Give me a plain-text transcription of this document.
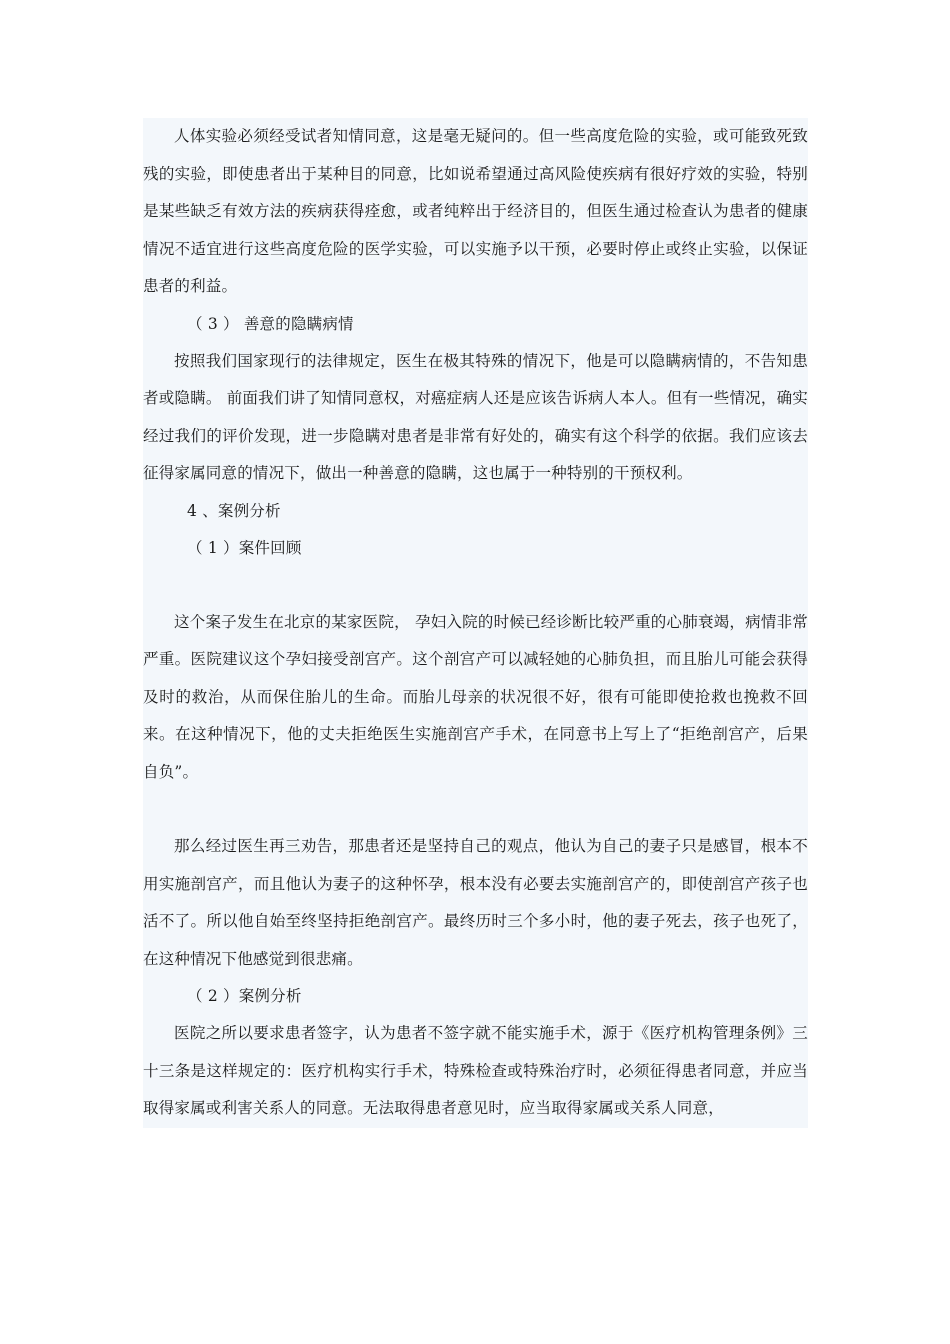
人体实验必须经受试者知情同意，这是毫无疑问的。但一些高度危险的实验，或可能致死致残的实验，即使患者出于某种目的同意，比如说希望通过高风险使疾病有很好疗效的实验，特别是某些缺乏有效方法的疾病获得痊愈，或者纯粹出于经济目的，但医生通过检查认为患者的健康情况不适宜进行这些高度危险的医学实验，可以实施予以干预，必要时停止或终止实验，以保证患者的利益。

（ 3 ） 善意的隐瞒病情

按照我们国家现行的法律规定，医生在极其特殊的情况下，他是可以隐瞒病情的，不告知患者或隐瞒。 前面我们讲了知情同意权，对癌症病人还是应该告诉病人本人。但有一些情况，确实经过我们的评价发现，进一步隐瞒对患者是非常有好处的，确实有这个科学的依据。我们应该去征得家属同意的情况下，做出一种善意的隐瞒，这也属于一种特别的干预权利。

4 、案例分析

（ 1 ）案件回顾

这个案子发生在北京的某家医院， 孕妇入院的时候已经诊断比较严重的心肺衰竭，病情非常严重。医院建议这个孕妇接受剖宫产。这个剖宫产可以减轻她的心肺负担，而且胎儿可能会获得及时的救治，从而保住胎儿的生命。而胎儿母亲的状况很不好，很有可能即使抢救也挽救不回来。在这种情况下，他的丈夫拒绝医生实施剖宫产手术，在同意书上写上了“拒绝剖宫产，后果自负”。

那么经过医生再三劝告，那患者还是坚持自己的观点，他认为自己的妻子只是感冒，根本不用实施剖宫产，而且他认为妻子的这种怀孕，根本没有必要去实施剖宫产的，即使剖宫产孩子也活不了。所以他自始至终坚持拒绝剖宫产。最终历时三个多小时，他的妻子死去，孩子也死了，在这种情况下他感觉到很悲痛。

（ 2 ）案例分析

医院之所以要求患者签字，认为患者不签字就不能实施手术，源于《医疗机构管理条例》三十三条是这样规定的：医疗机构实行手术，特殊检查或特殊治疗时，必须征得患者同意，并应当取得家属或利害关系人的同意。无法取得患者意见时，应当取得家属或关系人同意，
